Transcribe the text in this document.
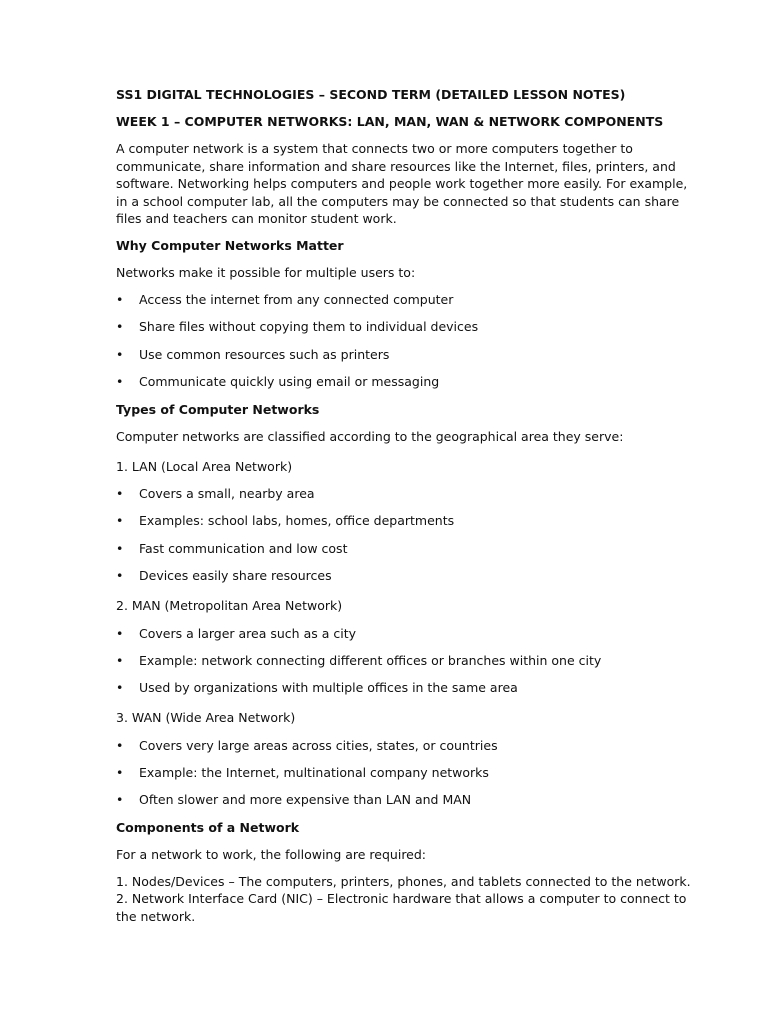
SS1 DIGITAL TECHNOLOGIES – SECOND TERM (DETAILED LESSON NOTES)

WEEK 1 – COMPUTER NETWORKS: LAN, MAN, WAN & NETWORK COMPONENTS

A computer network is a system that connects two or more computers together to

communicate, share information and share resources like the Internet, files, printers, and

software. Networking helps computers and people work together more easily. For example,

in a school computer lab, all the computers may be connected so that students can share

files and teachers can monitor student work.

Why Computer Networks Matter

Networks make it possible for multiple users to:

• Access the internet from any connected computer
• Share files without copying them to individual devices
• Use common resources such as printers
• Communicate quickly using email or messaging

Types of Computer Networks

Computer networks are classified according to the geographical area they serve:

1. LAN (Local Area Network)

• Covers a small, nearby area
• Examples: school labs, homes, office departments
• Fast communication and low cost
• Devices easily share resources

2. MAN (Metropolitan Area Network)

• Covers a larger area such as a city
• Example: network connecting different offices or branches within one city
• Used by organizations with multiple offices in the same area

3. WAN (Wide Area Network)

• Covers very large areas across cities, states, or countries
• Example: the Internet, multinational company networks
• Often slower and more expensive than LAN and MAN

Components of a Network

For a network to work, the following are required:

1. Nodes/Devices – The computers, printers, phones, and tablets connected to the network.

2. Network Interface Card (NIC) – Electronic hardware that allows a computer to connect to

the network.
